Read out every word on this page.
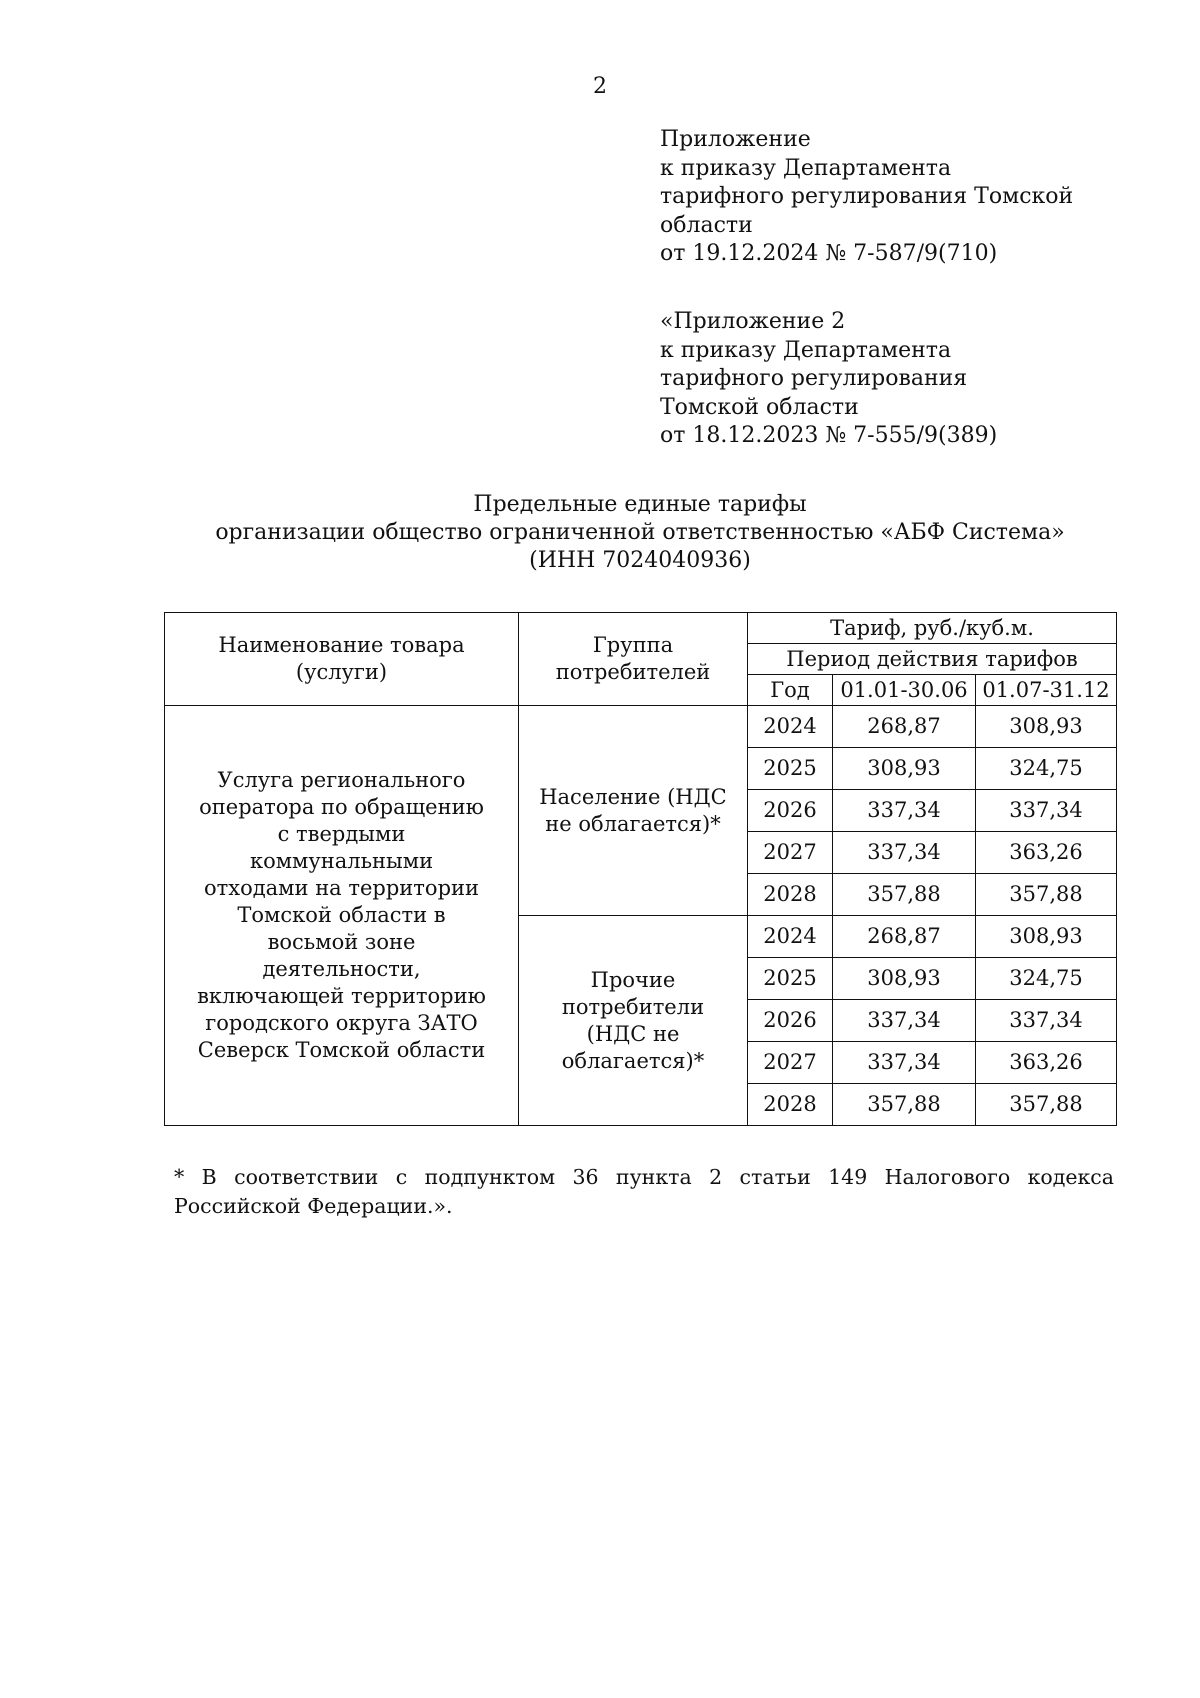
2
Приложение
к приказу Департамента
тарифного регулирования Томской
области
от 19.12.2024 № 7-587/9(710)
«Приложение 2
к приказу Департамента
тарифного регулирования
Томской области
от 18.12.2023 № 7-555/9(389)
Предельные единые тарифы
организации общество ограниченной ответственностью «АБФ Система»
(ИНН 7024040936)
Наименование товара (услуги)	Группа потребителей	Тариф, руб./куб.м.		
		Период действия тарифов		
		Год	01.01-30.06	01.07-31.12
Услуга регионального оператора по обращению с твердыми коммунальными отходами на территории Томской области в восьмой зоне деятельности, включающей территорию городского округа ЗАТО Северск Томской области	Население (НДС не облагается)*	2024	268,87	308,93
		2025	308,93	324,75
		2026	337,34	337,34
		2027	337,34	363,26
		2028	357,88	357,88
	Прочие потребители (НДС не облагается)*	2024	268,87	308,93
		2025	308,93	324,75
		2026	337,34	337,34
		2027	337,34	363,26
		2028	357,88	357,88
* В соответствии с подпунктом 36 пункта 2 статьи 149 Налогового кодекса Российской Федерации.».
